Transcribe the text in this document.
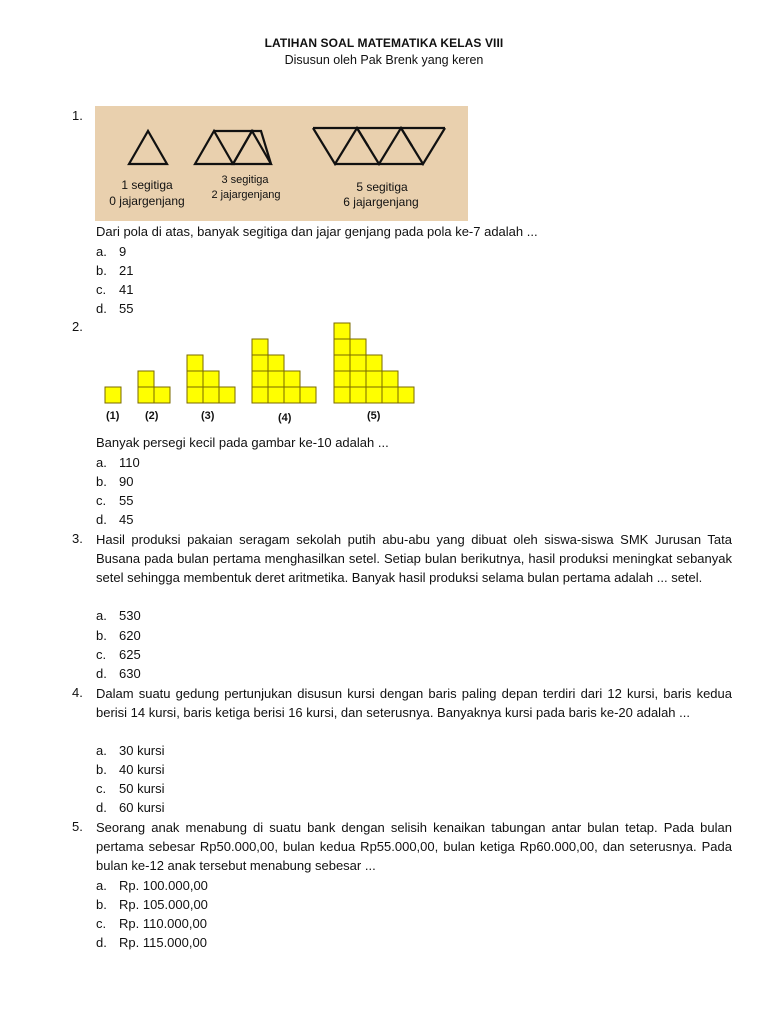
LATIHAN SOAL MATEMATIKA KELAS VIII
Disusun oleh Pak Brenk yang keren
1.
1 segitiga
0 jajargenjang
3 segitiga
2 jajargenjang
5 segitiga
6 jajargenjang
Dari pola di atas, banyak segitiga dan jajar genjang pada pola ke-7 adalah ...
a. 9
b. 21
c. 41
d. 55
2.
(1) (2)	(3)	(4)	(5)
Banyak persegi kecil pada gambar ke-10 adalah ...
a. 110
b. 90
c. 55
d. 45
3. Hasil produksi pakaian seragam sekolah putih abu-abu yang dibuat oleh siswa-siswa SMK Jurusan Tata Busana pada bulan pertama menghasilkan setel. Setiap bulan berikutnya, hasil produksi meningkat sebanyak setel sehingga membentuk deret aritmetika. Banyak hasil produksi selama bulan pertama adalah ... setel.
a. 530
b. 620
c. 625
d. 630
4. Dalam suatu gedung pertunjukan disusun kursi dengan baris paling depan terdiri dari 12 kursi, baris kedua berisi 14 kursi, baris ketiga berisi 16 kursi, dan seterusnya. Banyaknya kursi pada baris ke-20 adalah ...
a. 30 kursi
b. 40 kursi
c. 50 kursi
d. 60 kursi
5. Seorang anak menabung di suatu bank dengan selisih kenaikan tabungan antar bulan tetap. Pada bulan pertama sebesar Rp50.000,00, bulan kedua Rp55.000,00, bulan ketiga Rp60.000,00, dan seterusnya. Pada bulan ke-12 anak tersebut menabung sebesar ...
a. Rp. 100.000,00
b. Rp. 105.000,00
c. Rp. 110.000,00
d. Rp. 115.000,00
